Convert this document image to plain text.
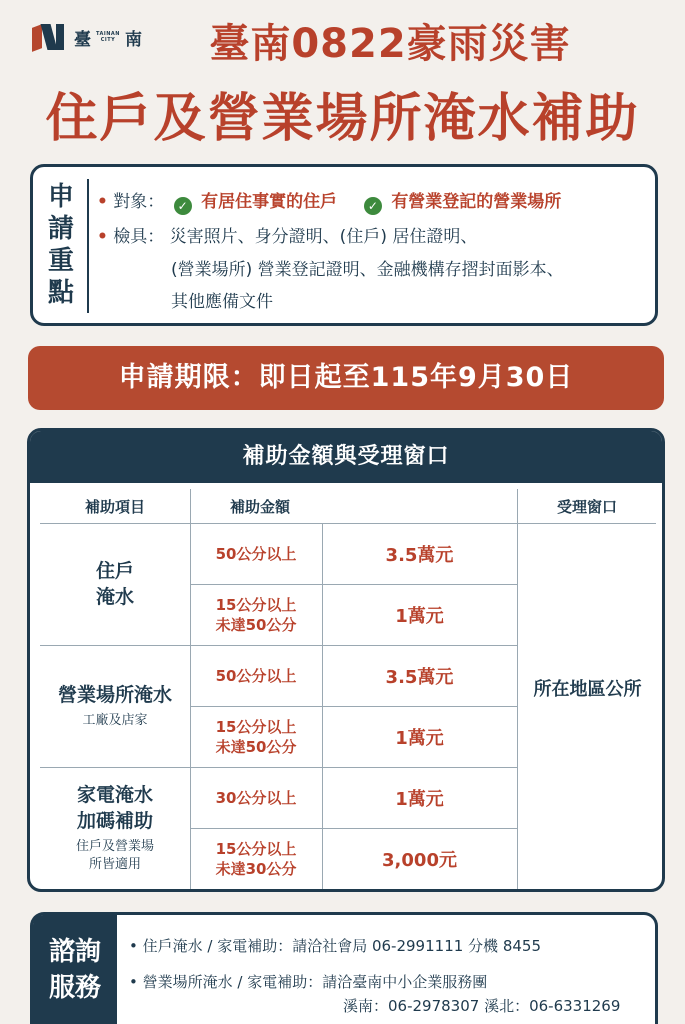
臺 TAINAN CITY 南	臺南0822豪雨災害
住戶及營業場所淹水補助
申
請
重
點
• 對象： ✓ 有居住事實的住戶	✓ 有營業登記的營業場所
• 檢具： 災害照片、身分證明、(住戶) 居住證明、
(營業場所) 營業登記證明、金融機構存摺封面影本、
其他應備文件
申請期限：即日起至115年9月30日
補助金額與受理窗口
補助項目	補助金額	受理窗口
住戶
淹水
50公分以上	3.5萬元
15公分以上
未達50公分	1萬元
營業場所淹水
工廠及店家
50公分以上	3.5萬元
15公分以上
未達50公分	1萬元
家電淹水
加碼補助
住戶及營業場
所皆適用
30公分以上	1萬元
15公分以上
未達30公分	3,000元
所在地區公所
諮詢
服務
• 住戶淹水 / 家電補助：請洽社會局 06-2991111 分機 8455
• 營業場所淹水 / 家電補助：請洽臺南中小企業服務團
溪南：06-2978307 溪北：06-6331269
